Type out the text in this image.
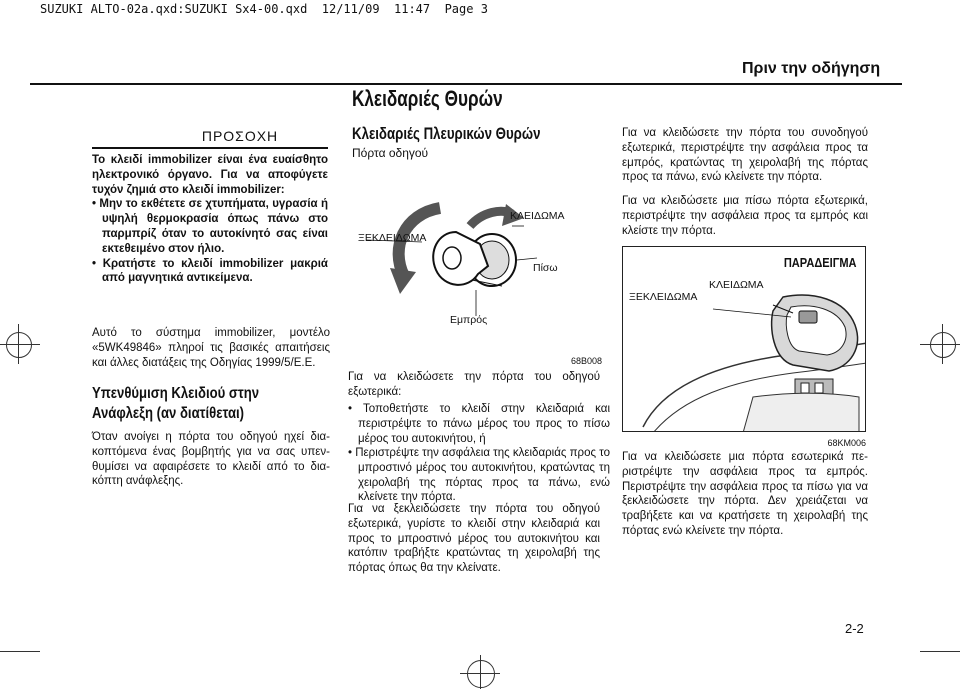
SUZUKI ALTO-02a.qxd:SUZUKI Sx4-00.qxd  12/11/09  11:47  Page 3
Πριν την οδήγηση
ΠΡΟΣΟΧΗ
Το κλειδί immobilizer είναι ένα ευαίσθητο ηλεκτρονικό όργανο. Για να αποφύγετε τυχόν ζημιά στο κλειδί immobilizer:
• Μην το εκθέτετε σε χτυπήματα, υγρασία ή υψηλή θερμοκρασία όπως πάνω στο παρμπρίζ όταν το αυτοκίνητό σας είναι εκτεθειμένο στον ήλιο.
• Κρατήστε το κλειδί immobilizer μακριά από μαγνητικά αντικείμενα.
Αυτό το σύστημα immobilizer, μοντέλο «5WK49846» πληροί τις βασικές απαιτήσεις και άλλες διατάξεις της Οδηγίας 1999/5/Ε.Ε.
Υπενθύμιση Κλειδιού στην Ανάφλεξη (αν διατίθεται)
Όταν ανοίγει η πόρτα του οδηγού ηχεί διακοπτόμενα ένας βομβητής για να σας υπενθυμίσει να αφαιρέσετε το κλειδί από το διακόπτη ανάφλεξης.
Κλειδαριές Θυρών
Κλειδαριές Πλευρικών Θυρών
Πόρτα οδηγού
ΞΕΚΛΕΙΔΩΜΑ
ΚΛΕΙΔΩΜΑ
Πίσω
Εμπρός
68B008
Για να κλειδώσετε την πόρτα του οδηγού εξωτερικά:
• Τοποθετήστε το κλειδί στην κλειδαριά και περιστρέψτε το πάνω μέρος του προς το πίσω μέρος του αυτοκινήτου, ή
• Περιστρέψτε την ασφάλεια της κλειδαριάς προς το μπροστινό μέρος του αυτοκινήτου, κρατώντας τη χειρολαβή της πόρτας προς τα πάνω, ενώ κλείνετε την πόρτα.
Για να ξεκλειδώσετε την πόρτα του οδηγού εξωτερικά, γυρίστε το κλειδί στην κλειδαριά και προς το μπροστινό μέρος του αυτοκινήτου και κατόπιν τραβήξτε κρατώντας τη χειρολαβή της πόρτας όπως θα την κλείνατε.
Για να κλειδώσετε την πόρτα του συνοδηγού εξωτερικά, περιστρέψτε την ασφάλεια προς τα εμπρός, κρατώντας τη χειρολαβή της πόρτας προς τα πάνω, ενώ κλείνετε την πόρτα.
Για να κλειδώσετε μια πίσω πόρτα εξωτερικά, περιστρέψτε την ασφάλεια προς τα εμπρός και κλείστε την πόρτα.
ΠΑΡΑΔΕΙΓΜΑ
ΞΕΚΛΕΙΔΩΜΑ
ΚΛΕΙΔΩΜΑ
68KM006
Για να κλειδώσετε μια πόρτα εσωτερικά περιστρέψτε την ασφάλεια προς τα εμπρός. Περιστρέψτε την ασφάλεια προς τα πίσω για να ξεκλειδώσετε την πόρτα. Δεν χρειάζεται να τραβήξετε και να κρατήσετε τη χειρολαβή της πόρτας ενώ κλείνετε την πόρτα.
2-2
